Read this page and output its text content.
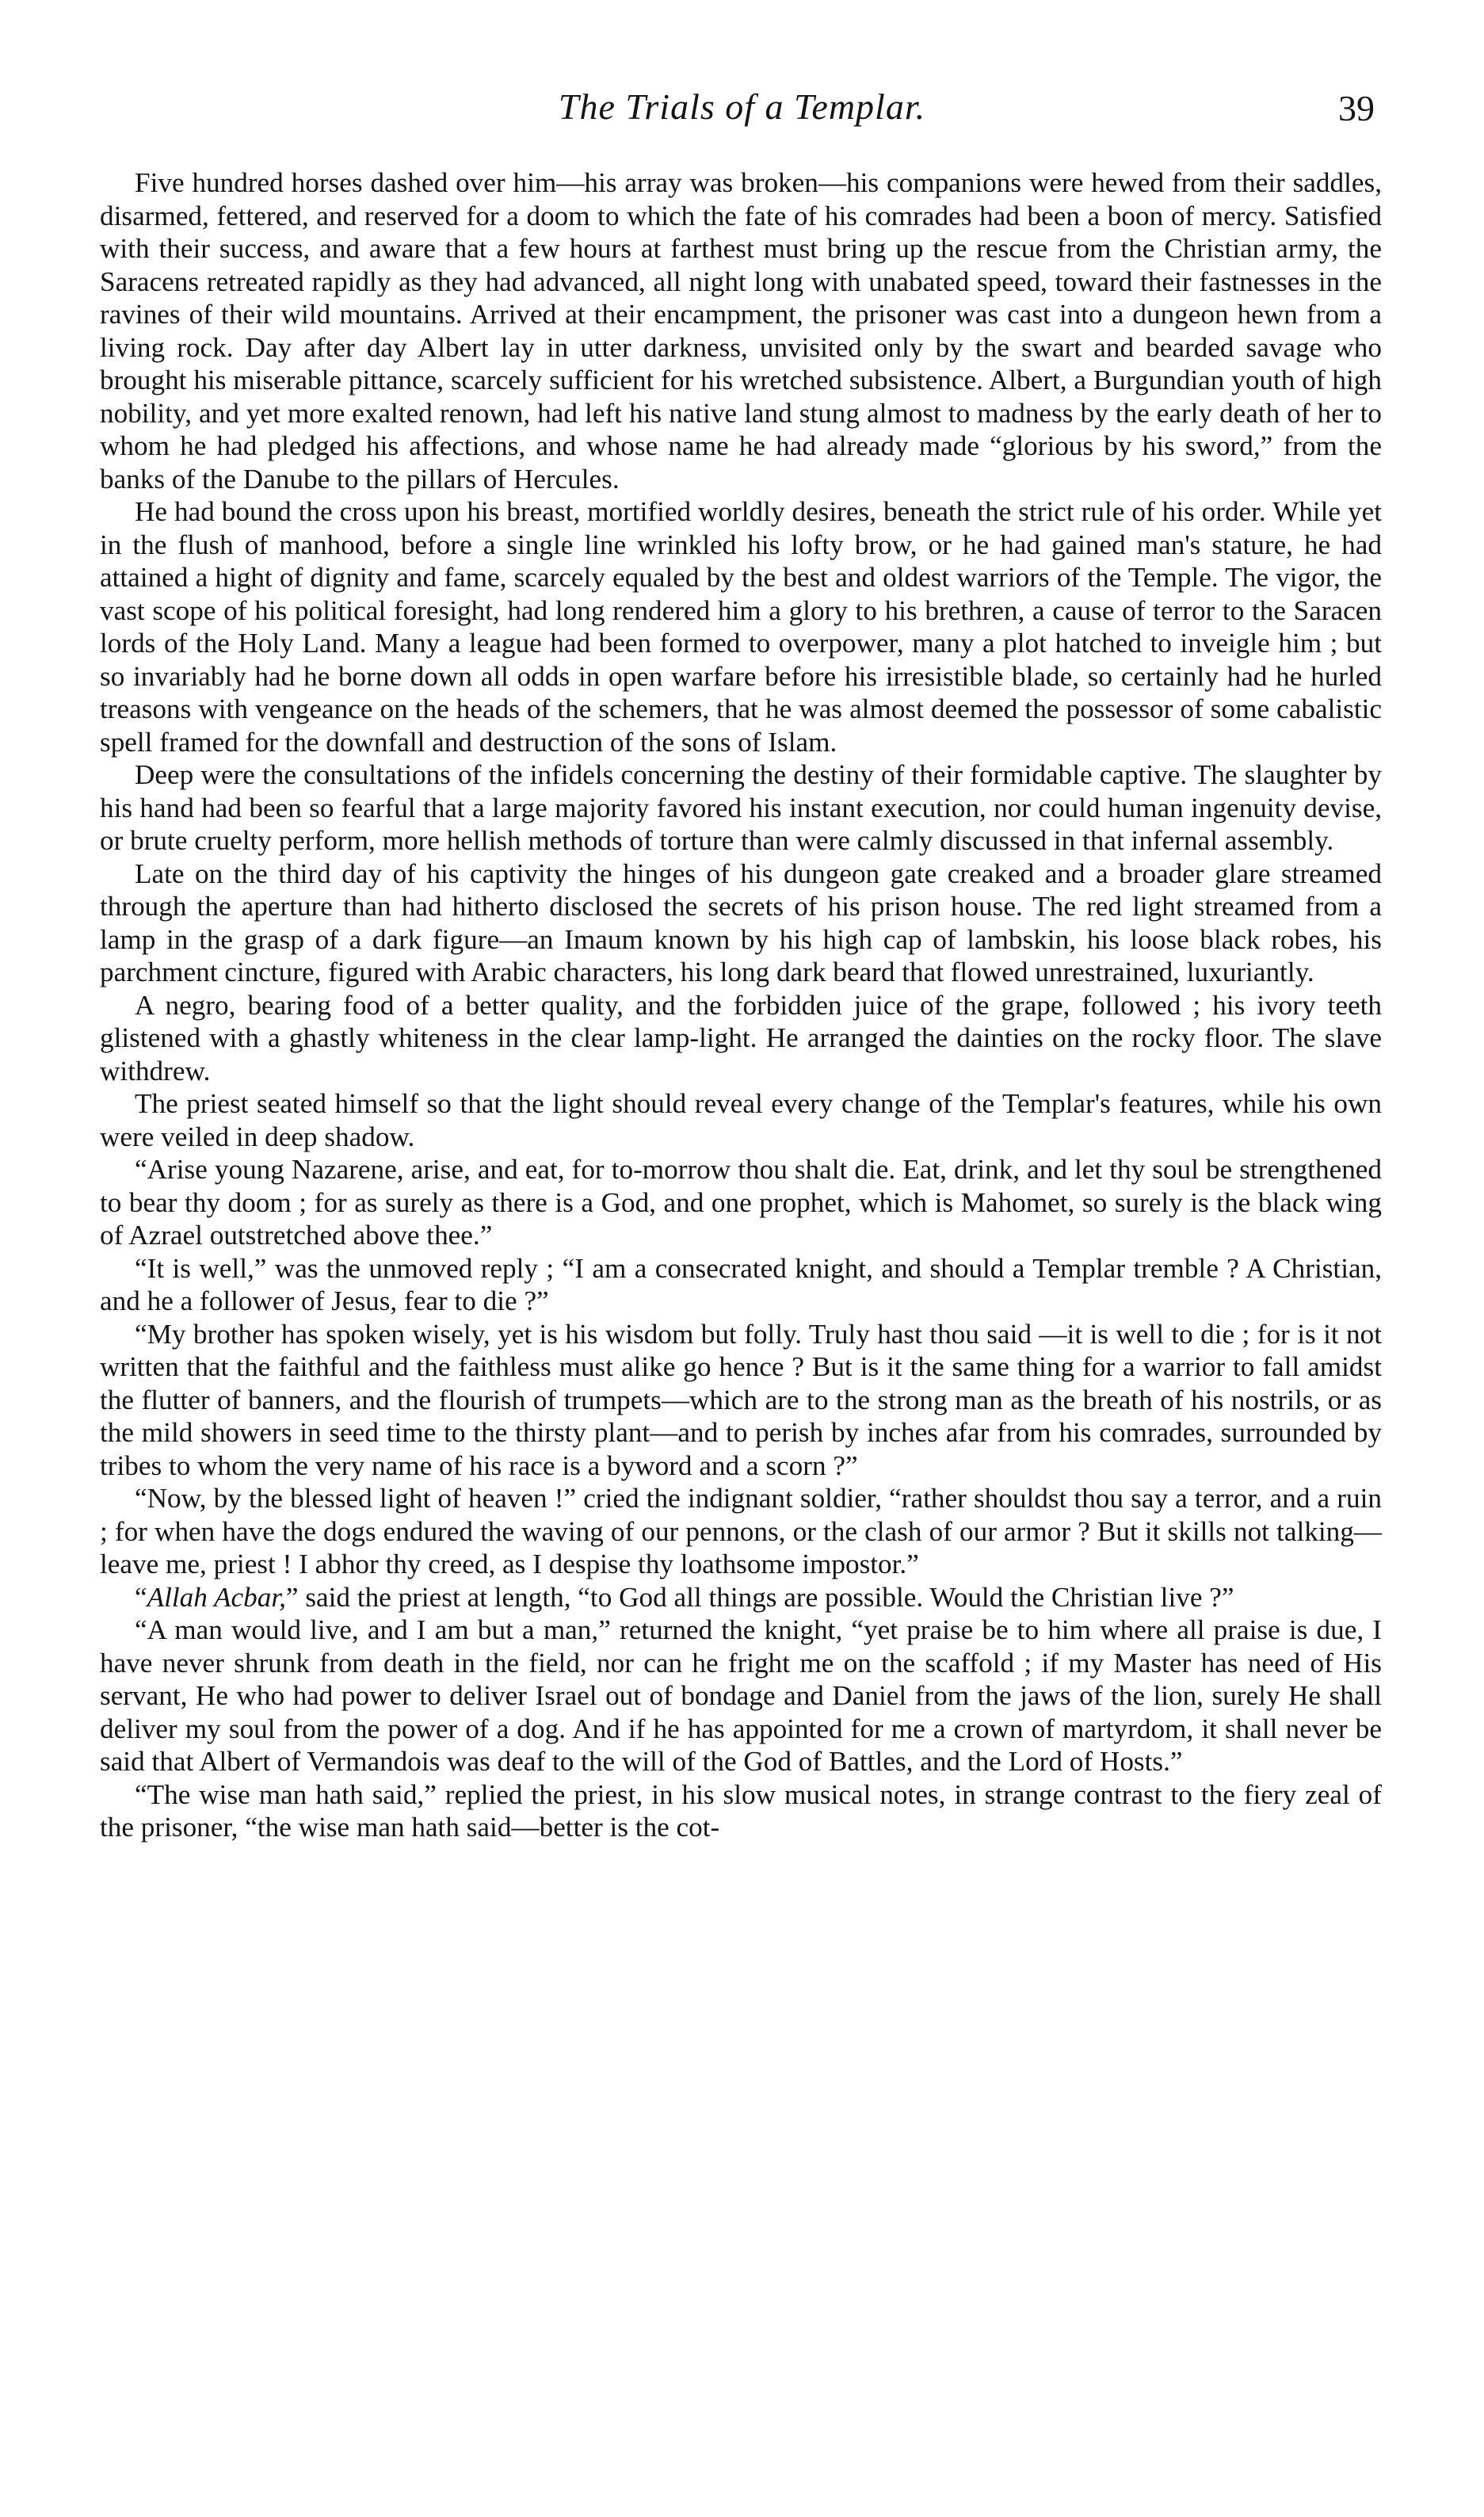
The Trials of a Templar.	39

Five hundred horses dashed over him—his array was broken—his companions were hewed from their saddles, disarmed, fettered, and reserved for a doom to which the fate of his comrades had been a boon of mercy. Satisfied with their success, and aware that a few hours at farthest must bring up the rescue from the Christian army, the Saracens retreated rapidly as they had advanced, all night long with unabated speed, toward their fastnesses in the ravines of their wild mountains. Arrived at their encampment, the prisoner was cast into a dungeon hewn from a living rock. Day after day Albert lay in utter darkness, unvisited only by the swart and bearded savage who brought his miserable pittance, scarcely sufficient for his wretched subsistence. Albert, a Burgundian youth of high nobility, and yet more exalted renown, had left his native land stung almost to madness by the early death of her to whom he had pledged his affections, and whose name he had already made “glorious by his sword,” from the banks of the Danube to the pillars of Hercules.

He had bound the cross upon his breast, mortified worldly desires, beneath the strict rule of his order. While yet in the flush of manhood, before a single line wrinkled his lofty brow, or he had gained man's stature, he had attained a hight of dignity and fame, scarcely equaled by the best and oldest warriors of the Temple. The vigor, the vast scope of his political foresight, had long rendered him a glory to his brethren, a cause of terror to the Saracen lords of the Holy Land. Many a league had been formed to overpower, many a plot hatched to inveigle him ; but so invariably had he borne down all odds in open warfare before his irresistible blade, so certainly had he hurled treasons with vengeance on the heads of the schemers, that he was almost deemed the possessor of some cabalistic spell framed for the downfall and destruction of the sons of Islam.

Deep were the consultations of the infidels concerning the destiny of their formidable captive. The slaughter by his hand had been so fearful that a large majority favored his instant execution, nor could human ingenuity devise, or brute cruelty perform, more hellish methods of torture than were calmly discussed in that infernal assembly.

Late on the third day of his captivity the hinges of his dungeon gate creaked and a broader glare streamed through the aperture than had hitherto disclosed the secrets of his prison house. The red light streamed from a lamp in the grasp of a dark figure—an Imaum known by his high cap of lambskin, his loose black robes, his parchment cincture, figured with Arabic characters, his long dark beard that flowed unrestrained, luxuriantly.

A negro, bearing food of a better quality, and the forbidden juice of the grape, followed ; his ivory teeth glistened with a ghastly whiteness in the clear lamp-light. He arranged the dainties on the rocky floor. The slave withdrew.

The priest seated himself so that the light should reveal every change of the Templar's features, while his own were veiled in deep shadow.

“Arise young Nazarene, arise, and eat, for to-morrow thou shalt die. Eat, drink, and let thy soul be strengthened to bear thy doom ; for as surely as there is a God, and one prophet, which is Mahomet, so surely is the black wing of Azrael outstretched above thee.”

“It is well,” was the unmoved reply ; “I am a consecrated knight, and should a Templar tremble ? A Christian, and he a follower of Jesus, fear to die ?”

“My brother has spoken wisely, yet is his wisdom but folly. Truly hast thou said —it is well to die ; for is it not written that the faithful and the faithless must alike go hence ? But is it the same thing for a warrior to fall amidst the flutter of banners, and the flourish of trumpets—which are to the strong man as the breath of his nostrils, or as the mild showers in seed time to the thirsty plant—and to perish by inches afar from his comrades, surrounded by tribes to whom the very name of his race is a byword and a scorn ?”

“Now, by the blessed light of heaven !” cried the indignant soldier, “rather shouldst thou say a terror, and a ruin ; for when have the dogs endured the waving of our pennons, or the clash of our armor ? But it skills not talking—leave me, priest ! I abhor thy creed, as I despise thy loathsome impostor.”

“Allah Acbar,” said the priest at length, “to God all things are possible. Would the Christian live ?”

“A man would live, and I am but a man,” returned the knight, “yet praise be to him where all praise is due, I have never shrunk from death in the field, nor can he fright me on the scaffold ; if my Master has need of His servant, He who had power to deliver Israel out of bondage and Daniel from the jaws of the lion, surely He shall deliver my soul from the power of a dog. And if he has appointed for me a crown of martyrdom, it shall never be said that Albert of Vermandois was deaf to the will of the God of Battles, and the Lord of Hosts.”

“The wise man hath said,” replied the priest, in his slow musical notes, in strange contrast to the fiery zeal of the prisoner, “the wise man hath said—better is the cot-
